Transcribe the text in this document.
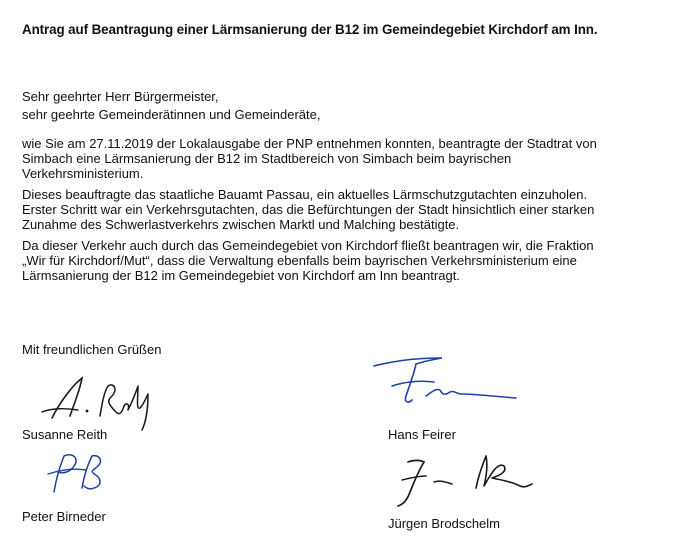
Antrag auf Beantragung einer Lärmsanierung der B12 im Gemeindegebiet Kirchdorf am Inn.
Sehr geehrter Herr Bürgermeister,
sehr geehrte Gemeinderätinnen und Gemeinderäte,
wie Sie am 27.11.2019 der Lokalausgabe der PNP entnehmen konnten, beantragte der Stadtrat von
Simbach eine Lärmsanierung der B12 im Stadtbereich von Simbach beim bayrischen
Verkehrsministerium.
Dieses beauftragte das staatliche Bauamt Passau, ein aktuelles Lärmschutzgutachten einzuholen.
Erster Schritt war ein Verkehrsgutachten, das die Befürchtungen der Stadt hinsichtlich einer starken
Zunahme des Schwerlastverkehrs zwischen Marktl und Malching bestätigte.
Da dieser Verkehr auch durch das Gemeindegebiet von Kirchdorf fließt beantragen wir, die Fraktion
„Wir für Kirchdorf/Mut“, dass die Verwaltung ebenfalls beim bayrischen Verkehrsministerium eine
Lärmsanierung der B12 im Gemeindegebiet von Kirchdorf am Inn beantragt.
Mit freundlichen Grüßen
Susanne Reith	Hans Feirer
Peter Birneder	Jürgen Brodschelm
